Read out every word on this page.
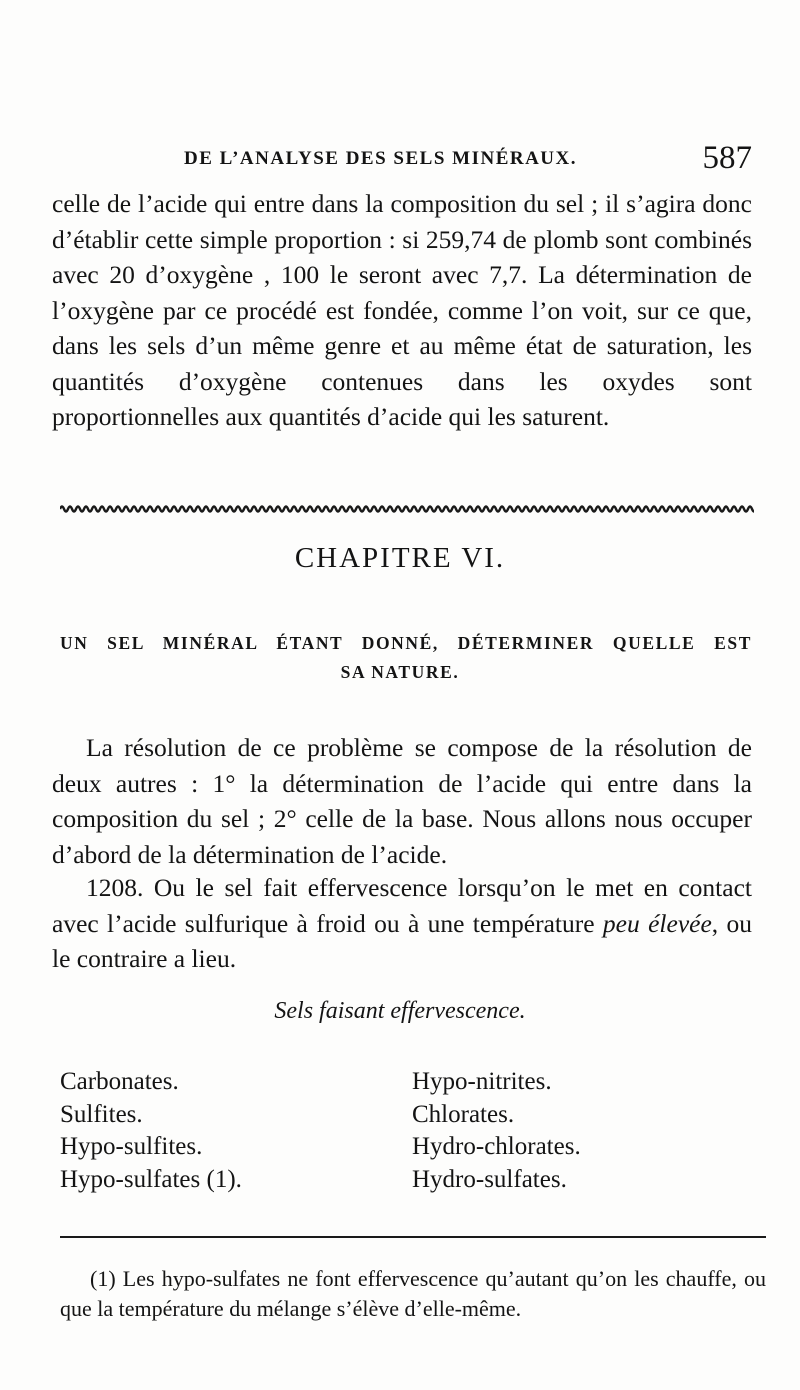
DE L’ANALYSE DES SELS MINÉRAUX.	587

celle de l’acide qui entre dans la composition du sel ; il s’agira donc d’établir cette simple proportion : si 259,74 de plomb sont combinés avec 20 d’oxygène , 100 le seront avec 7,7. La détermination de l’oxygène par ce procédé est fondée, comme l’on voit, sur ce que, dans les sels d’un même genre et au même état de saturation, les quantités d’oxygène contenues dans les oxydes sont proportionnelles aux quantités d’acide qui les saturent.

CHAPITRE VI.

UN SEL MINÉRAL ÉTANT DONNÉ, DÉTERMINER QUELLE EST

SA NATURE.

La résolution de ce problème se compose de la résolution de deux autres : 1° la détermination de l’acide qui entre dans la composition du sel ; 2° celle de la base. Nous allons nous occuper d’abord de la détermination de l’acide.

1208. Ou le sel fait effervescence lorsqu’on le met en contact avec l’acide sulfurique à froid ou à une température peu élevée, ou le contraire a lieu.

Sels faisant effervescence.

Carbonates.
Sulfites.
Hypo-sulfites.
Hypo-sulfates (1).
Hypo-nitrites.
Chlorates.
Hydro-chlorates.
Hydro-sulfates.

(1) Les hypo-sulfates ne font effervescence qu’autant qu’on les chauffe, ou que la température du mélange s’élève d’elle-même.
